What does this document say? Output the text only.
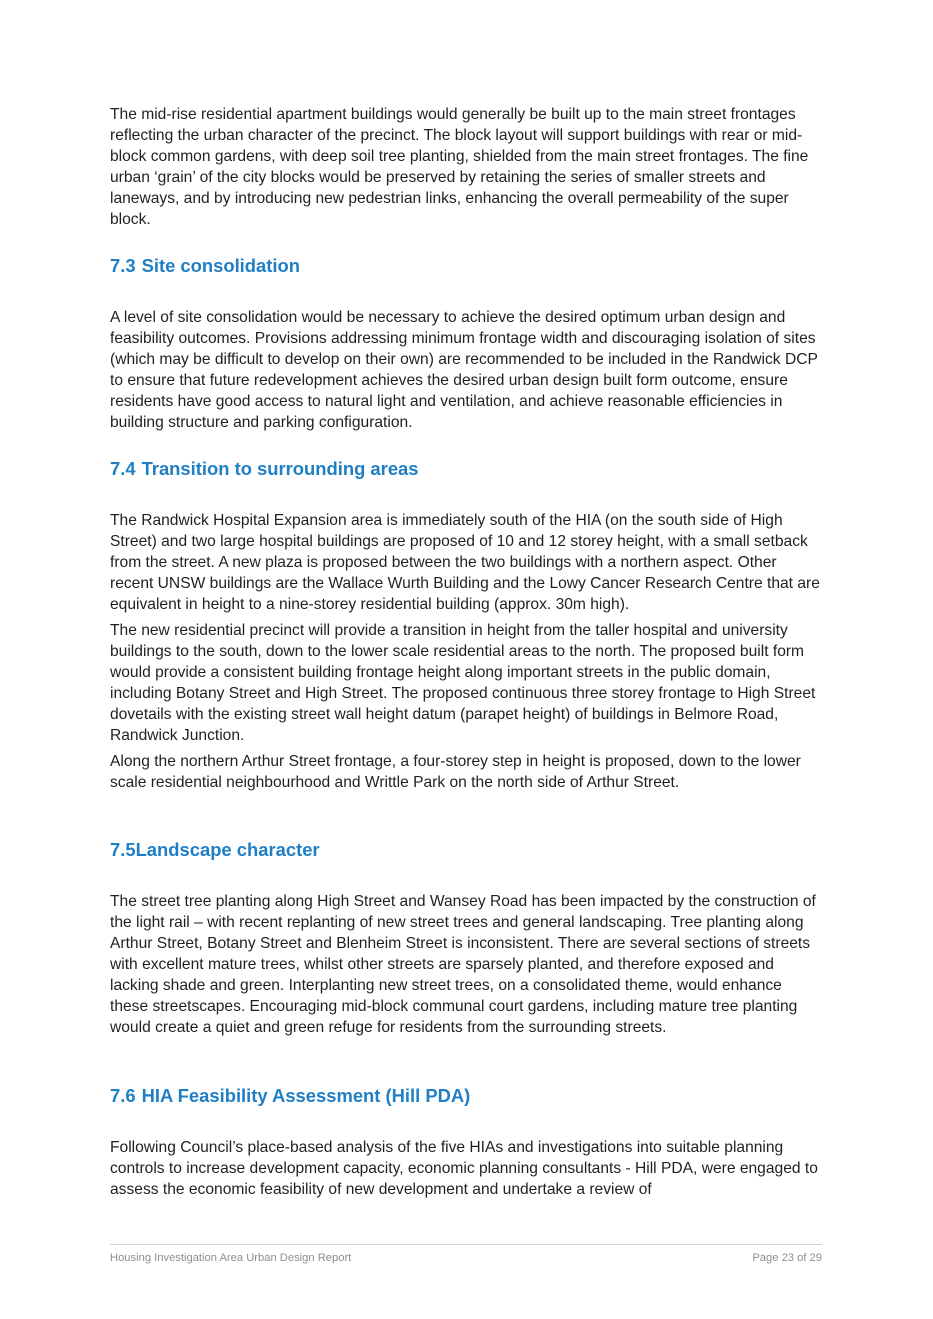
The mid-rise residential apartment buildings would generally be built up to the main street frontages reflecting the urban character of the precinct. The block layout will support buildings with rear or mid-block common gardens, with deep soil tree planting, shielded from the main street frontages. The fine urban ‘grain’ of the city blocks would be preserved by retaining the series of smaller streets and laneways, and by introducing new pedestrian links, enhancing the overall permeability of the super block.

7.3 Site consolidation

A level of site consolidation would be necessary to achieve the desired optimum urban design and feasibility outcomes. Provisions addressing minimum frontage width and discouraging isolation of sites (which may be difficult to develop on their own) are recommended to be included in the Randwick DCP to ensure that future redevelopment achieves the desired urban design built form outcome, ensure residents have good access to natural light and ventilation, and achieve reasonable efficiencies in building structure and parking configuration.

7.4 Transition to surrounding areas

The Randwick Hospital Expansion area is immediately south of the HIA (on the south side of High Street) and two large hospital buildings are proposed of 10 and 12 storey height, with a small setback from the street. A new plaza is proposed between the two buildings with a northern aspect. Other recent UNSW buildings are the Wallace Wurth Building and the Lowy Cancer Research Centre that are equivalent in height to a nine-storey residential building (approx. 30m high).

The new residential precinct will provide a transition in height from the taller hospital and university buildings to the south, down to the lower scale residential areas to the north. The proposed built form would provide a consistent building frontage height along important streets in the public domain, including Botany Street and High Street. The proposed continuous three storey frontage to High Street dovetails with the existing street wall height datum (parapet height) of buildings in Belmore Road, Randwick Junction.

Along the northern Arthur Street frontage, a four-storey step in height is proposed, down to the lower scale residential neighbourhood and Writtle Park on the north side of Arthur Street.

7.5Landscape character

The street tree planting along High Street and Wansey Road has been impacted by the construction of the light rail – with recent replanting of new street trees and general landscaping. Tree planting along Arthur Street, Botany Street and Blenheim Street is inconsistent. There are several sections of streets with excellent mature trees, whilst other streets are sparsely planted, and therefore exposed and lacking shade and green. Interplanting new street trees, on a consolidated theme, would enhance these streetscapes. Encouraging mid-block communal court gardens, including mature tree planting would create a quiet and green refuge for residents from the surrounding streets.

7.6 HIA Feasibility Assessment (Hill PDA)

Following Council’s place-based analysis of the five HIAs and investigations into suitable planning controls to increase development capacity, economic planning consultants - Hill PDA, were engaged to assess the economic feasibility of new development and undertake a review of

Housing Investigation Area Urban Design Report	Page 23 of 29
